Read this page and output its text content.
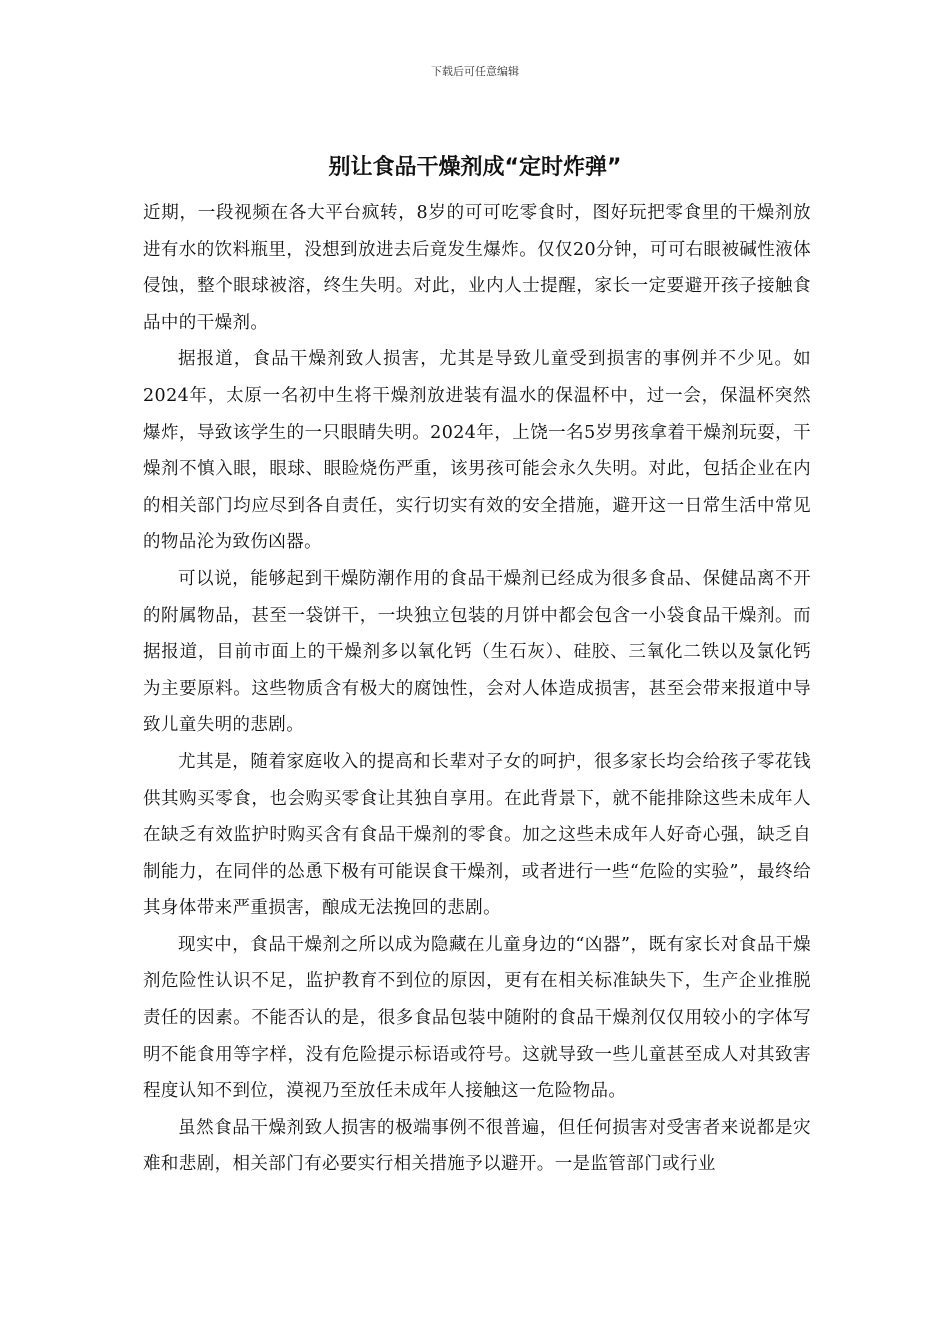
下载后可任意编辑
别让食品干燥剂成“定时炸弹”

近期，一段视频在各大平台疯转，8岁的可可吃零食时，图好玩把零食里的干燥剂放进有水的饮料瓶里，没想到放进去后竟发生爆炸。仅仅20分钟，可可右眼被碱性液体侵蚀，整个眼球被溶，终生失明。对此，业内人士提醒，家长一定要避开孩子接触食品中的干燥剂。

据报道，食品干燥剂致人损害，尤其是导致儿童受到损害的事例并不少见。如2024年，太原一名初中生将干燥剂放进装有温水的保温杯中，过一会，保温杯突然爆炸，导致该学生的一只眼睛失明。2024年，上饶一名5岁男孩拿着干燥剂玩耍，干燥剂不慎入眼，眼球、眼睑烧伤严重，该男孩可能会永久失明。对此，包括企业在内的相关部门均应尽到各自责任，实行切实有效的安全措施，避开这一日常生活中常见的物品沦为致伤凶器。

可以说，能够起到干燥防潮作用的食品干燥剂已经成为很多食品、保健品离不开的附属物品，甚至一袋饼干，一块独立包装的月饼中都会包含一小袋食品干燥剂。而据报道，目前市面上的干燥剂多以氧化钙（生石灰）、硅胶、三氧化二铁以及氯化钙为主要原料。这些物质含有极大的腐蚀性，会对人体造成损害，甚至会带来报道中导致儿童失明的悲剧。

尤其是，随着家庭收入的提高和长辈对子女的呵护，很多家长均会给孩子零花钱供其购买零食，也会购买零食让其独自享用。在此背景下，就不能排除这些未成年人在缺乏有效监护时购买含有食品干燥剂的零食。加之这些未成年人好奇心强，缺乏自制能力，在同伴的怂恿下极有可能误食干燥剂，或者进行一些“危险的实验”，最终给其身体带来严重损害，酿成无法挽回的悲剧。

现实中，食品干燥剂之所以成为隐藏在儿童身边的“凶器”，既有家长对食品干燥剂危险性认识不足，监护教育不到位的原因，更有在相关标准缺失下，生产企业推脱责任的因素。不能否认的是，很多食品包装中随附的食品干燥剂仅仅用较小的字体写明不能食用等字样，没有危险提示标语或符号。这就导致一些儿童甚至成人对其致害程度认知不到位，漠视乃至放任未成年人接触这一危险物品。

虽然食品干燥剂致人损害的极端事例不很普遍，但任何损害对受害者来说都是灾难和悲剧，相关部门有必要实行相关措施予以避开。一是监管部门或行业
